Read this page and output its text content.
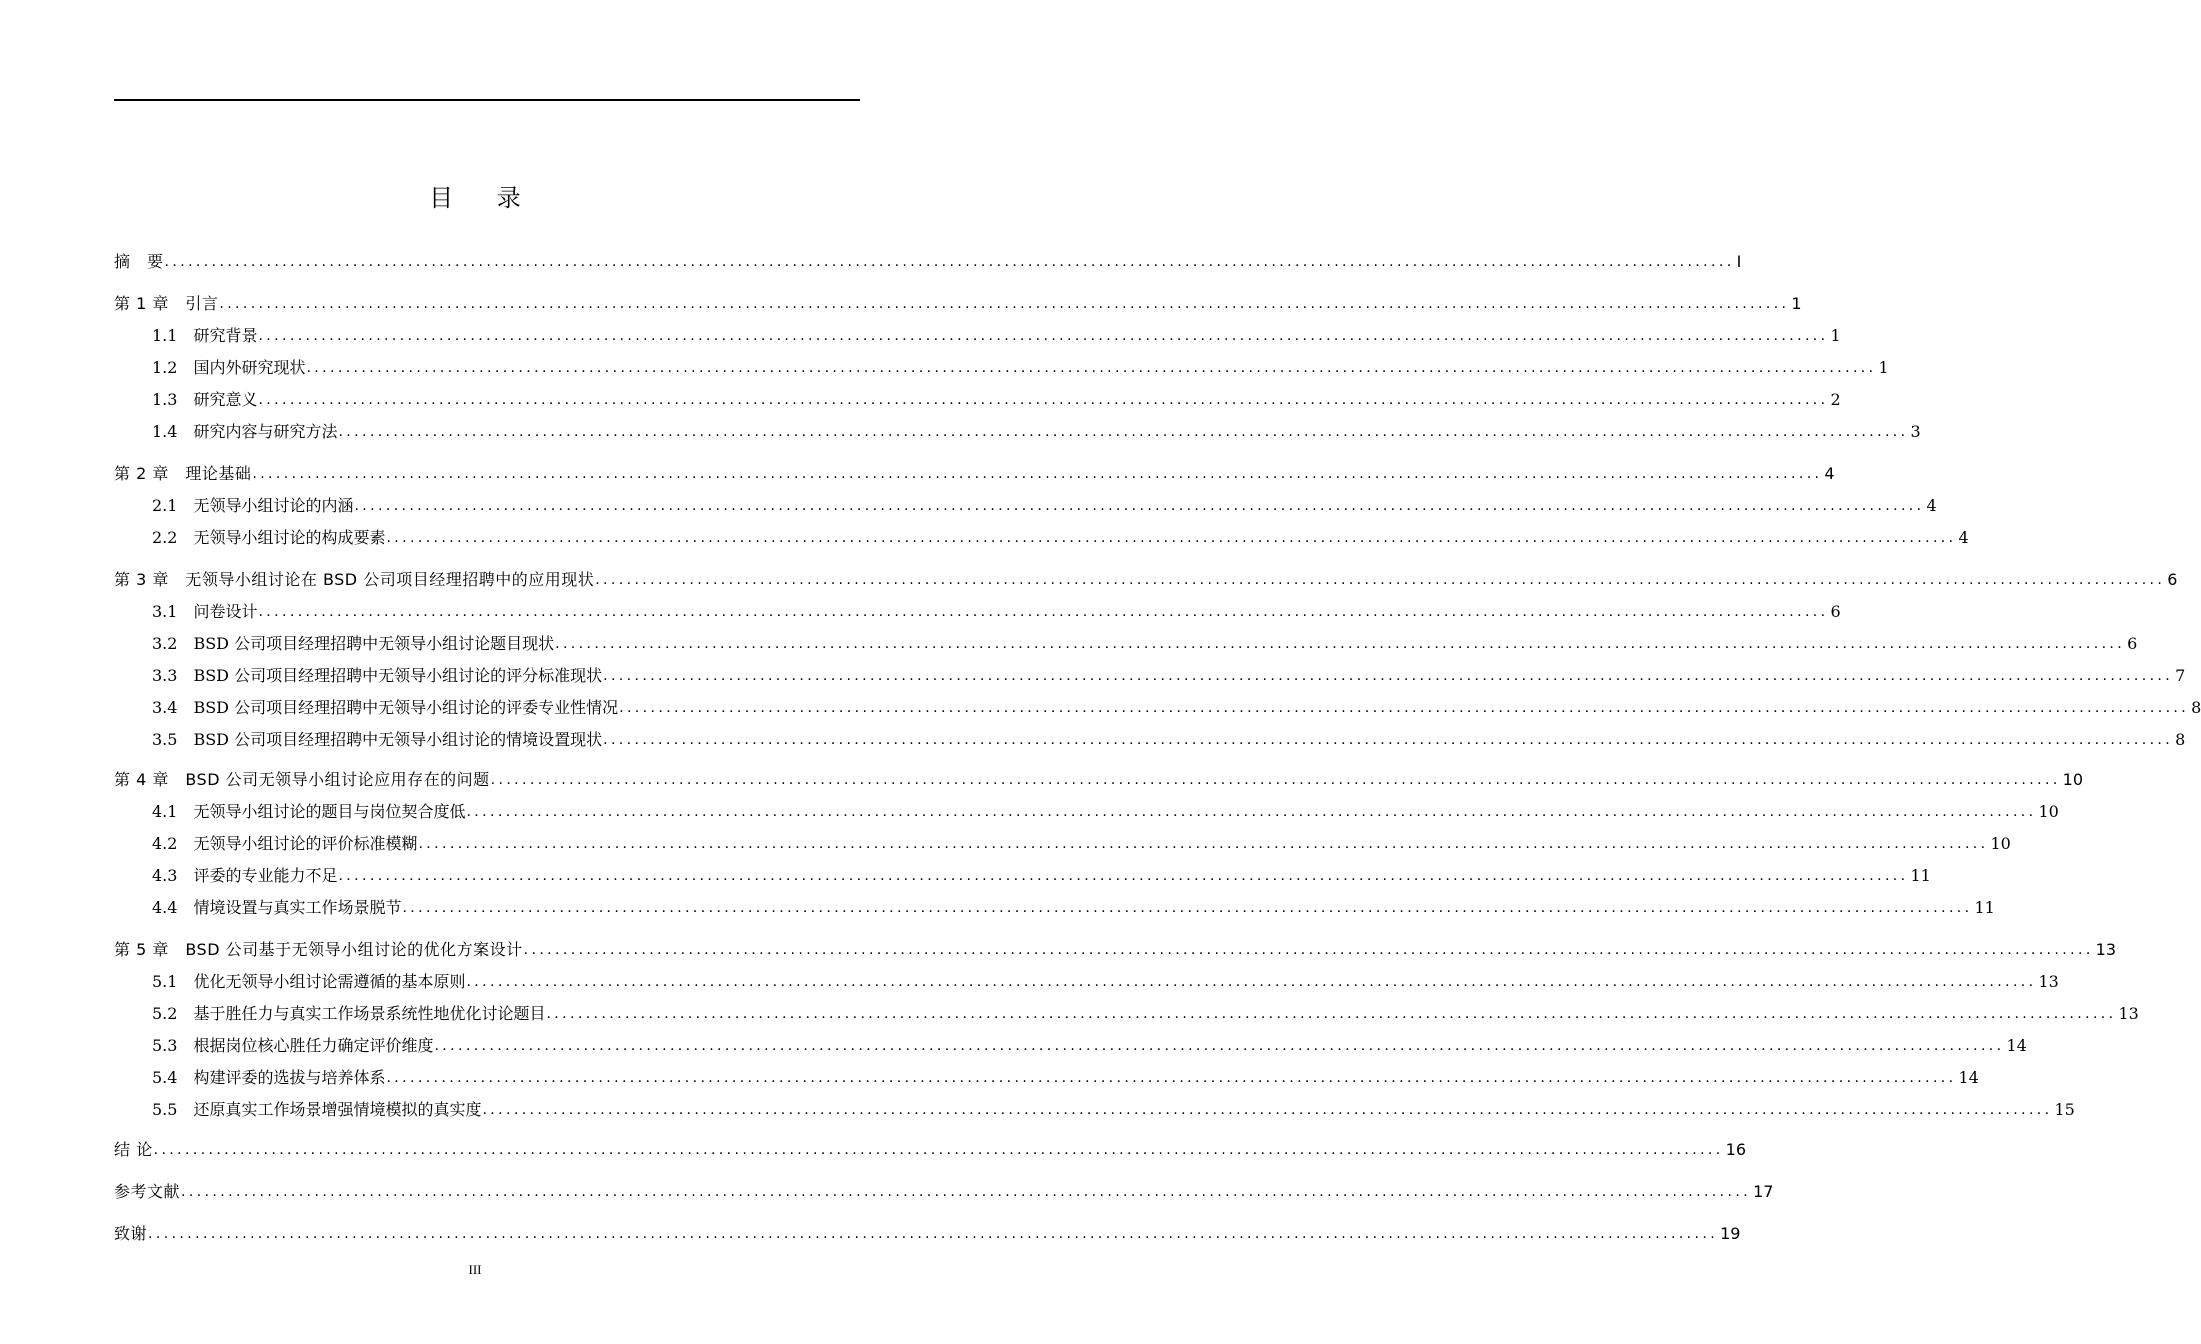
目 录
摘　要 ........................................................................................................................................................................................................ I
第 1 章　引言 ........................................................................................................................................................................................................ 1
1.1　研究背景 ........................................................................................................................................................................................................ 1
1.2　国内外研究现状 ........................................................................................................................................................................................................ 1
1.3　研究意义 ........................................................................................................................................................................................................ 2
1.4　研究内容与研究方法 ........................................................................................................................................................................................................ 3
第 2 章　理论基础 ........................................................................................................................................................................................................ 4
2.1　无领导小组讨论的内涵 ........................................................................................................................................................................................................ 4
2.2　无领导小组讨论的构成要素 ........................................................................................................................................................................................................ 4
第 3 章　无领导小组讨论在 BSD 公司项目经理招聘中的应用现状 ........................................................................................................................................................................................................ 6
3.1　问卷设计 ........................................................................................................................................................................................................ 6
3.2　BSD 公司项目经理招聘中无领导小组讨论题目现状 ........................................................................................................................................................................................................ 6
3.3　BSD 公司项目经理招聘中无领导小组讨论的评分标准现状 ........................................................................................................................................................................................................ 7
3.4　BSD 公司项目经理招聘中无领导小组讨论的评委专业性情况 ........................................................................................................................................................................................................ 8
3.5　BSD 公司项目经理招聘中无领导小组讨论的情境设置现状 ........................................................................................................................................................................................................ 8
第 4 章　BSD 公司无领导小组讨论应用存在的问题 ........................................................................................................................................................................................................ 10
4.1　无领导小组讨论的题目与岗位契合度低 ........................................................................................................................................................................................................ 10
4.2　无领导小组讨论的评价标准模糊 ........................................................................................................................................................................................................ 10
4.3　评委的专业能力不足 ........................................................................................................................................................................................................ 11
4.4　情境设置与真实工作场景脱节 ........................................................................................................................................................................................................ 11
第 5 章　BSD 公司基于无领导小组讨论的优化方案设计 ........................................................................................................................................................................................................ 13
5.1　优化无领导小组讨论需遵循的基本原则 ........................................................................................................................................................................................................ 13
5.2　基于胜任力与真实工作场景系统性地优化讨论题目 ........................................................................................................................................................................................................ 13
5.3　根据岗位核心胜任力确定评价维度 ........................................................................................................................................................................................................ 14
5.4　构建评委的选拔与培养体系 ........................................................................................................................................................................................................ 14
5.5　还原真实工作场景增强情境模拟的真实度 ........................................................................................................................................................................................................ 15
结 论 ........................................................................................................................................................................................................ 16
参考文献 ........................................................................................................................................................................................................ 17
致谢 ........................................................................................................................................................................................................ 19
III
